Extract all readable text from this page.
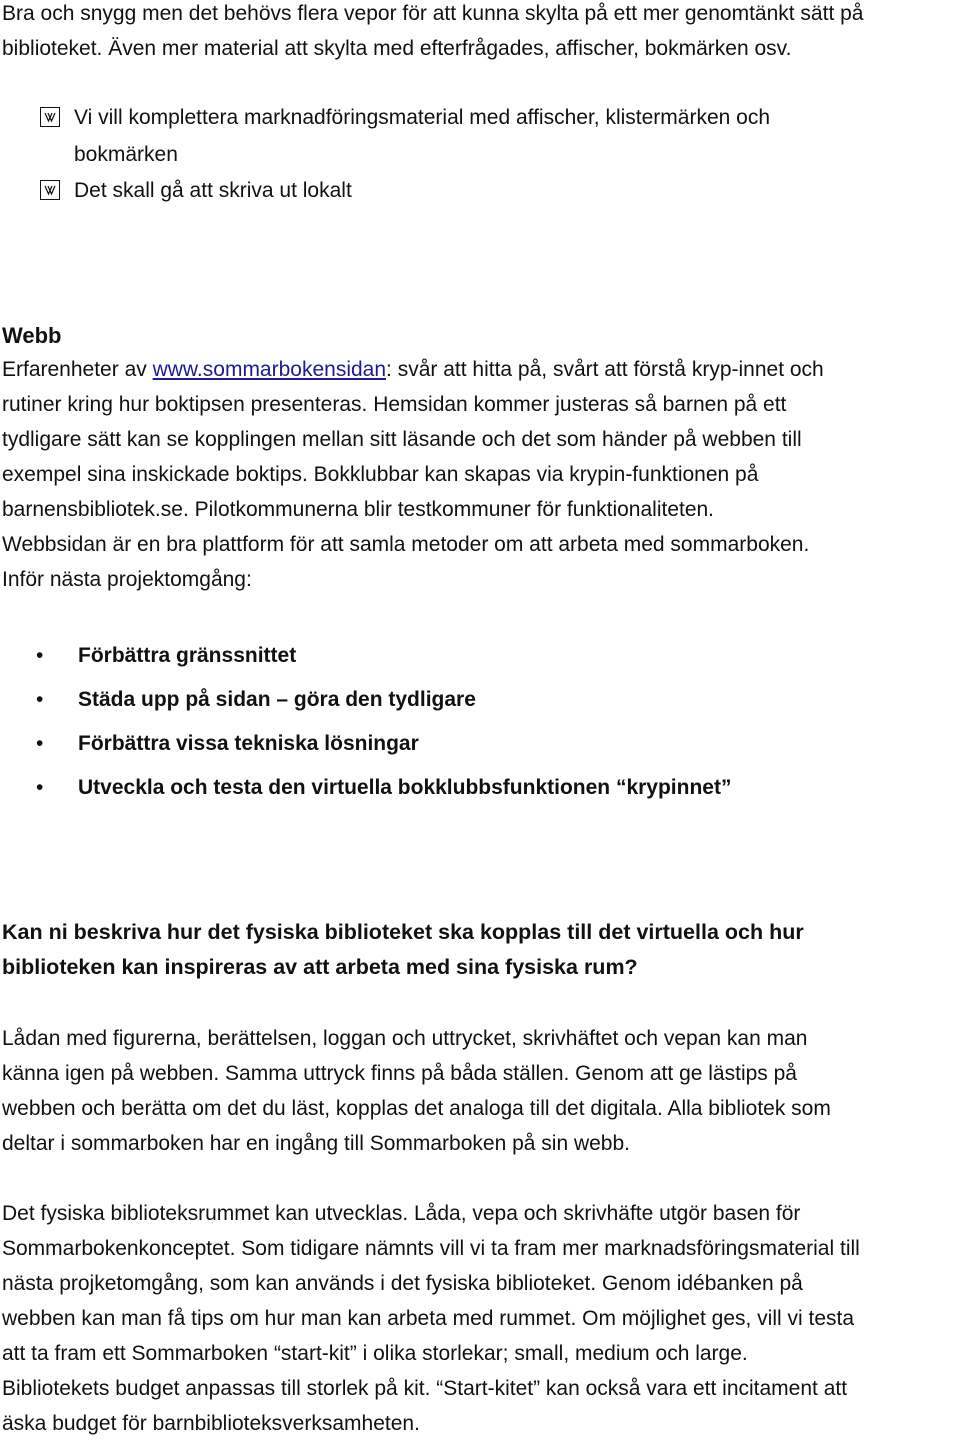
Bra och snygg men det behövs flera vepor för att kunna skylta på ett mer genomtänkt sätt på

biblioteket. Även mer material att skylta med efterfrågades, affischer, bokmärken osv.

Vi vill komplettera marknadföringsmaterial med affischer, klistermärken och

bokmärken

Det skall gå att skriva ut lokalt

Webb

Erfarenheter av www.sommarbokensidan: svår att hitta på, svårt att förstå kryp-innet och

rutiner kring hur boktipsen presenteras. Hemsidan kommer justeras så barnen på ett

tydligare sätt kan se kopplingen mellan sitt läsande och det som händer på webben till

exempel sina inskickade boktips. Bokklubbar kan skapas via krypin-funktionen på

barnensbibliotek.se. Pilotkommunerna blir testkommuner för funktionaliteten.

Webbsidan är en bra plattform för att samla metoder om att arbeta med sommarboken.

Inför nästa projektomgång:

•	Förbättra gränssnittet
•	Städa upp på sidan – göra den tydligare
•	Förbättra vissa tekniska lösningar
•	Utveckla och testa den virtuella bokklubbsfunktionen “krypinnet”

Kan ni beskriva hur det fysiska biblioteket ska kopplas till det virtuella och hur

biblioteken kan inspireras av att arbeta med sina fysiska rum?

Lådan med figurerna, berättelsen, loggan och uttrycket, skrivhäftet och vepan kan man

känna igen på webben. Samma uttryck finns på båda ställen. Genom att ge lästips på

webben och berätta om det du läst, kopplas det analoga till det digitala. Alla bibliotek som

deltar i sommarboken har en ingång till Sommarboken på sin webb.

Det fysiska biblioteksrummet kan utvecklas. Låda, vepa och skrivhäfte utgör basen för

Sommarbokenkonceptet. Som tidigare nämnts vill vi ta fram mer marknadsföringsmaterial till

nästa projketomgång, som kan används i det fysiska biblioteket. Genom idébanken på

webben kan man få tips om hur man kan arbeta med rummet. Om möjlighet ges, vill vi testa

att ta fram ett Sommarboken “start-kit” i olika storlekar; small, medium och large.

Bibliotekets budget anpassas till storlek på kit. “Start-kitet” kan också vara ett incitament att

äska budget för barnbiblioteksverksamheten.
